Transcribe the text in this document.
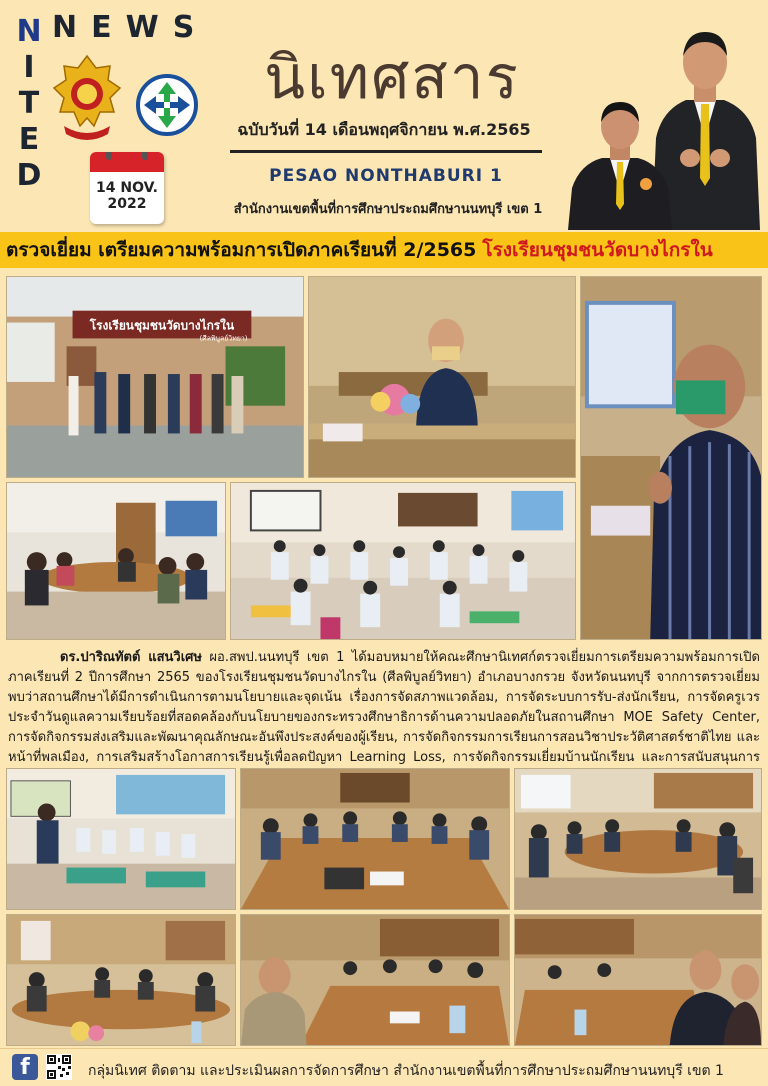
NEWS
N
I
T
E
D	14 NOV.
2022
นิเทศสาร
ฉบับวันที่ 14 เดือนพฤศจิกายน พ.ศ.2565
PESAO NONTHABURI 1
สำนักงานเขตพื้นที่การศึกษาประถมศึกษานนทบุรี เขต 1
ตรวจเยี่ยม เตรียมความพร้อมการเปิดภาคเรียนที่ 2/2565 โรงเรียนชุมชนวัดบางไกรใน
โรงเรียนชุมชนวัดบางไกรใน
(ศีลพิบูลย์วิทยา)
ดร.ปาริณทัตต์ แสนวิเศษ ผอ.สพป.นนทบุรี เขต 1 ได้มอบหมายให้คณะศึกษานิเทศก์ตรวจเยี่ยมการเตรียมความพร้อมการเปิดภาคเรียนที่ 2 ปีการศึกษา 2565 ของโรงเรียนชุมชนวัดบางไกรใน (ศีลพิบูลย์วิทยา) อำเภอบางกรวย จังหวัดนนทบุรี จากการตรวจเยี่ยมพบว่าสถานศึกษาได้มีการดำเนินการตามนโยบายและจุดเน้น เรื่องการจัดสภาพแวดล้อม, การจัดระบบการรับ-ส่งนักเรียน, การจัดครูเวรประจำวันดูแลความเรียบร้อยที่สอดคล้องกับนโยบายของกระทรวงศึกษาธิการด้านความปลอดภัยในสถานศึกษา MOE Safety Center, การจัดกิจกรรมส่งเสริมและพัฒนาคุณลักษณะอันพึงประสงค์ของผู้เรียน, การจัดกิจกรรมการเรียนการสอนวิชาประวัติศาสตร์ชาติไทย และหน้าที่พลเมือง, การเสริมสร้างโอกาสการเรียนรู้เพื่อลดปัญหา Learning Loss, การจัดกิจกรรมเยี่ยมบ้านนักเรียน และการสนับสนุนการ
f	กลุ่มนิเทศ ติดตาม และประเมินผลการจัดการศึกษา สำนักงานเขตพื้นที่การศึกษาประถมศึกษานนทบุรี เขต 1
